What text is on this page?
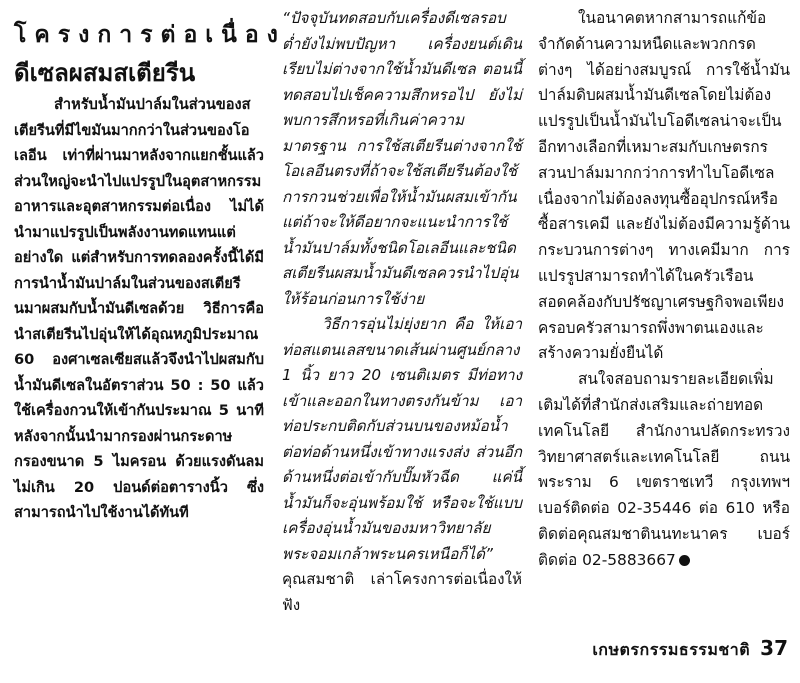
โครงการต่อเนื่อง
ดีเซลผสมสเตียรีน

สำหรับน้ำมันปาล์มในส่วนของสเตียรีนที่มีไขมันมากกว่าในส่วนของโอเลอีน เท่าที่ผ่านมาหลังจากแยกชั้นแล้วส่วนใหญ่จะนำไปแปรรูปในอุตสาหกรรมอาหารและอุตสาหกรรมต่อเนื่อง ไม่ได้นำมาแปรรูปเป็นพลังงานทดแทนแต่อย่างใด แต่สำหรับการทดลองครั้งนี้ได้มีการนำน้ำมันปาล์มในส่วนของสเตียรีนมาผสมกับน้ำมันดีเซลด้วย วิธีการคือนำสเตียรีนไปอุ่นให้ได้อุณหภูมิประมาณ 60 องศาเซลเซียสแล้วจึงนำไปผสมกับน้ำมันดีเซลในอัตราส่วน 50 : 50 แล้วใช้เครื่องกวนให้เข้ากันประมาณ 5 นาที หลังจากนั้นนำมากรองผ่านกระดาษกรองขนาด 5 ไมครอน ด้วยแรงดันลมไม่เกิน 20 ปอนด์ต่อตารางนิ้ว ซึ่งสามารถนำไปใช้งานได้ทันที

“ปัจจุบันทดสอบกับเครื่องดีเซลรอบต่ำยังไม่พบปัญหา เครื่องยนต์เดินเรียบไม่ต่างจากใช้น้ำมันดีเซล ตอนนี้ทดสอบไปเช็คความสึกหรอไป ยังไม่พบการสึกหรอที่เกินค่าความมาตรฐาน การใช้สเตียรีนต่างจากใช้โอเลอีนตรงที่ถ้าจะใช้สเตียรีนต้องใช้การกวนช่วยเพื่อให้น้ำมันผสมเข้ากัน แต่ถ้าจะให้ดีอยากจะแนะนำการใช้น้ำมันปาล์มทั้งชนิดโอเลอีนและชนิดสเตียรีนผสมน้ำมันดีเซลควรนำไปอุ่นให้ร้อนก่อนการใช้ง่าย

วิธีการอุ่นไม่ยุ่งยาก คือ ให้เอาท่อสแตนเลสขนาดเส้นผ่านศูนย์กลาง 1 นิ้ว ยาว 20 เซนติเมตร มีท่อทางเข้าและออกในทางตรงกันข้าม เอาท่อประกบติดกับส่วนบนของหม้อน้ำ ต่อท่อด้านหนึ่งเข้าทางแรงส่ง ส่วนอีกด้านหนึ่งต่อเข้ากับปั๊มหัวฉีด แค่นี้น้ำมันก็จะอุ่นพร้อมใช้ หรือจะใช้แบบเครื่องอุ่นน้ำมันของมหาวิทยาลัยพระจอมเกล้าพระนครเหนือก็ได้”

คุณสมชาติ เล่าโครงการต่อเนื่องให้ฟัง

ในอนาคตหากสามารถแก้ข้อจำกัดด้านความหนืดและพวกกรดต่างๆ ได้อย่างสมบูรณ์ การใช้น้ำมันปาล์มดิบผสมน้ำมันดีเซลโดยไม่ต้องแปรรูปเป็นน้ำมันไบโอดีเซลน่าจะเป็นอีกทางเลือกที่เหมาะสมกับเกษตรกรสวนปาล์มมากกว่าการทำไบโอดีเซล เนื่องจากไม่ต้องลงทุนซื้ออุปกรณ์หรือซื้อสารเคมี และยังไม่ต้องมีความรู้ด้านกระบวนการต่างๆ ทางเคมีมาก การแปรรูปสามารถทำได้ในครัวเรือนสอดคล้องกับปรัชญาเศรษฐกิจพอเพียง ครอบครัวสามารถพึ่งพาตนเองและสร้างความยั่งยืนได้

สนใจสอบถามรายละเอียดเพิ่มเติมได้ที่สำนักส่งเสริมและถ่ายทอดเทคโนโลยี สำนักงานปลัดกระทรวงวิทยาศาสตร์และเทคโนโลยี ถนนพระราม 6 เขตราชเทวี กรุงเทพฯ เบอร์ติดต่อ 02-35446 ต่อ 610 หรือติดต่อคุณสมชาตินนทะนาคร เบอร์ติดต่อ 02-5883667

เกษตรกรรมธรรมชาติ 37
